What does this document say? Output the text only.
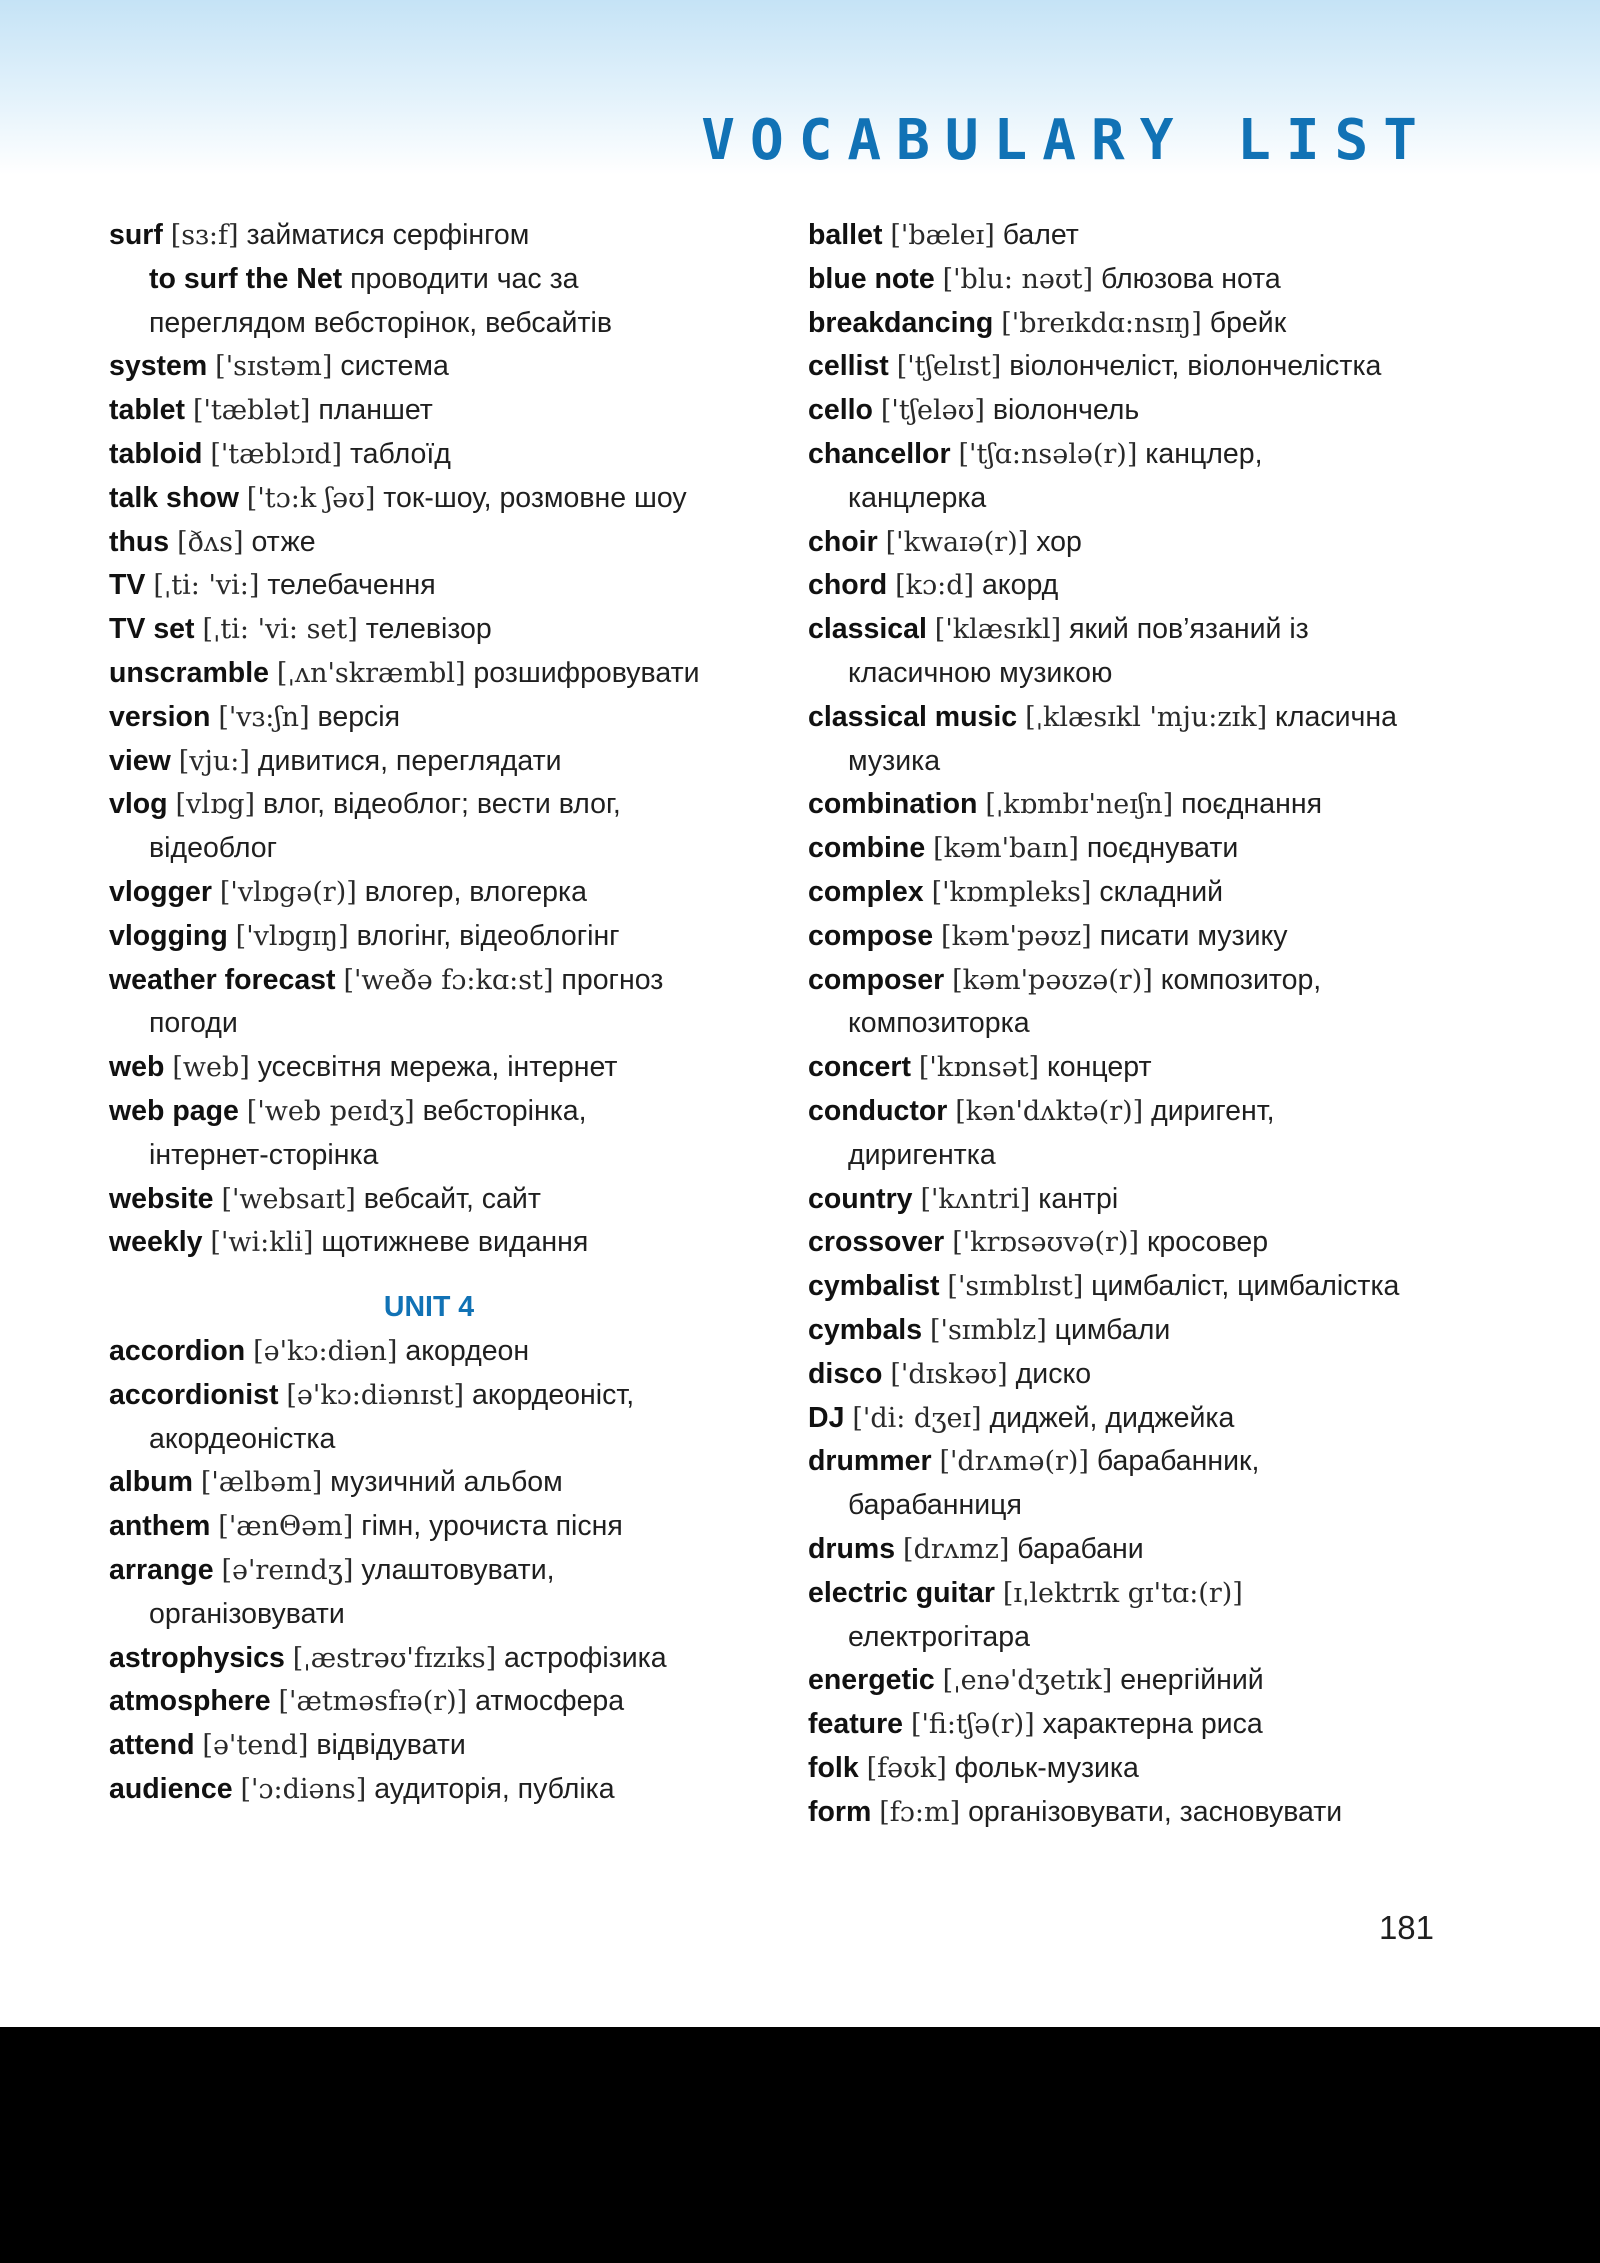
VOCABULARY LIST
surf [sɜ:f] займатися серфінгом
to surf the Net проводити час за
переглядом вебсторінок, вебсайтів
system ['sɪstəm] система
tablet ['tæblət] планшет
tabloid ['tæblɔɪd] таблоїд
talk show ['tɔ:k ʃəʊ] ток-шоу, розмовне шоу
thus [ðʌs] отже
TV [ˌti: 'vi:] телебачення
TV set [ˌti: 'vi: set] телевізор
unscramble [ˌʌn'skræmbl] розшифровувати
version ['vɜ:ʃn] версія
view [vju:] дивитися, переглядати
vlog [vlɒg] влог, відеоблог; вести влог,
відеоблог
vlogger ['vlɒgə(r)] влогер, влогерка
vlogging ['vlɒgɪŋ] влогінг, відеоблогінг
weather forecast ['weðə fɔ:kɑ:st] прогноз
погоди
web [web] усесвітня мережа, інтернет
web page ['web peɪdʒ] вебсторінка,
інтернет-сторінка
website ['websaɪt] вебсайт, сайт
weekly ['wi:kli] щотижневе видання
UNIT 4
accordion [ə'kɔ:diən] акордеон
accordionist [ə'kɔ:diənɪst] акордеоніст,
акордеоністка
album ['ælbəm] музичний альбом
anthem ['ænΘəm] гімн, урочиста пісня
arrange [ə'reɪndʒ] улаштовувати,
організовувати
astrophysics [ˌæstrəʊ'fɪzɪks] астрофізика
atmosphere ['ætməsfɪə(r)] атмосфера
attend [ə'tend] відвідувати
audience ['ɔ:diəns] аудиторія, публіка
ballet ['bæleɪ] балет
blue note ['blu: nəʊt] блюзова нота
breakdancing ['breɪkdɑ:nsɪŋ] брейк
cellist ['tʃelɪst] віолончеліст, віолончелістка
cello ['tʃeləʊ] віолончель
chancellor ['tʃɑ:nsələ(r)] канцлер,
канцлерка
choir ['kwaɪə(r)] хор
chord [kɔ:d] акорд
classical ['klæsɪkl] який пов’язаний із
класичною музикою
classical music [ˌklæsɪkl 'mju:zɪk] класична
музика
combination [ˌkɒmbɪ'neɪʃn] поєднання
combine [kəm'baɪn] поєднувати
complex ['kɒmpleks] складний
compose [kəm'pəʊz] писати музику
composer [kəm'pəʊzə(r)] композитор,
композиторка
concert ['kɒnsət] концерт
conductor [kən'dʌktə(r)] диригент,
диригентка
country ['kʌntri] кантрі
crossover ['krɒsəʊvə(r)] кросовер
cymbalist ['sɪmblɪst] цимбаліст, цимбалістка
cymbals ['sɪmblz] цимбали
disco ['dɪskəʊ] диско
DJ ['di: dʒeɪ] диджей, диджейка
drummer ['drʌmə(r)] барабанник,
барабанниця
drums [drʌmz] барабани
electric guitar [ɪˌlektrɪk gɪ'tɑ:(r)]
електрогітара
energetic [ˌenə'dʒetɪk] енергійний
feature ['fi:tʃə(r)] характерна риса
folk [fəʊk] фольк-музика
form [fɔ:m] організовувати, засновувати
181
